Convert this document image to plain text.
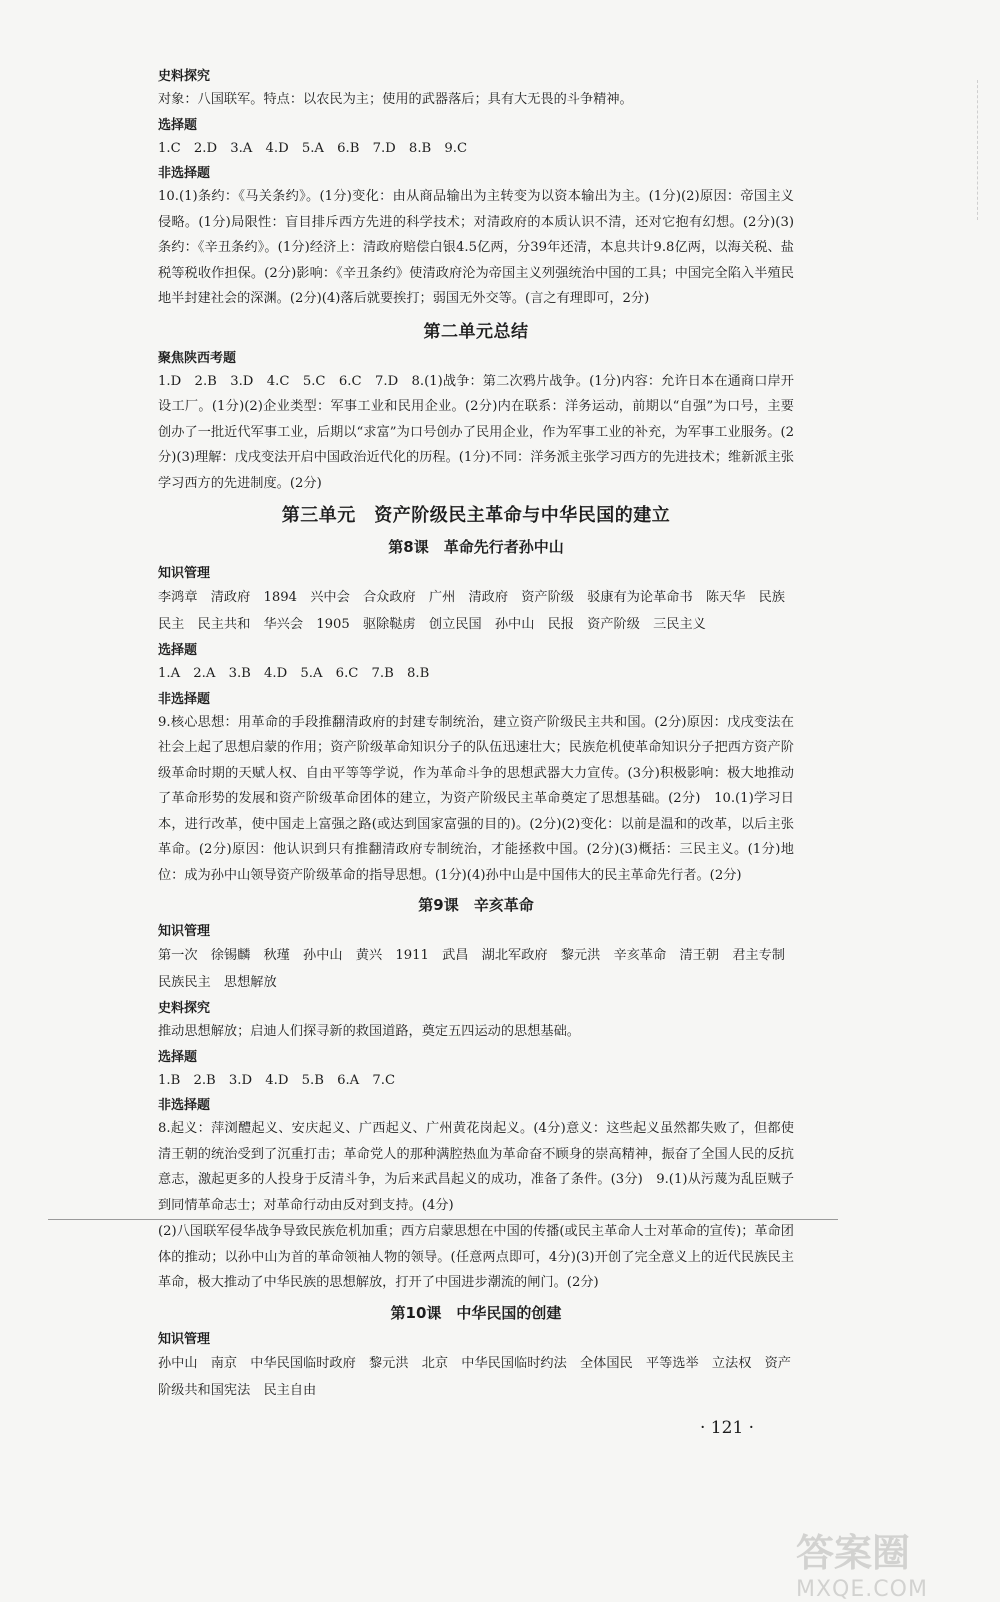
史料探究
对象：八国联军。特点：以农民为主；使用的武器落后；具有大无畏的斗争精神。
选择题
1.C　2.D　3.A　4.D　5.A　6.B　7.D　8.B　9.C
非选择题
10.(1)条约：《马关条约》。(1分)变化：由从商品输出为主转变为以资本输出为主。(1分)(2)原因：帝国主义侵略。(1分)局限性：盲目排斥西方先进的科学技术；对清政府的本质认识不清，还对它抱有幻想。(2分)(3)条约：《辛丑条约》。(1分)经济上：清政府赔偿白银4.5亿两，分39年还清，本息共计9.8亿两，以海关税、盐税等税收作担保。(2分)影响：《辛丑条约》使清政府沦为帝国主义列强统治中国的工具；中国完全陷入半殖民地半封建社会的深渊。(2分)(4)落后就要挨打；弱国无外交等。(言之有理即可，2分)
第二单元总结
聚焦陕西考题
1.D　2.B　3.D　4.C　5.C　6.C　7.D　8.(1)战争：第二次鸦片战争。(1分)内容：允许日本在通商口岸开设工厂。(1分)(2)企业类型：军事工业和民用企业。(2分)内在联系：洋务运动，前期以“自强”为口号，主要创办了一批近代军事工业，后期以“求富”为口号创办了民用企业，作为军事工业的补充，为军事工业服务。(2分)(3)理解：戊戌变法开启中国政治近代化的历程。(1分)不同：洋务派主张学习西方的先进技术；维新派主张学习西方的先进制度。(2分)
第三单元　资产阶级民主革命与中华民国的建立
第8课　革命先行者孙中山
知识管理
李鸿章　清政府　1894　兴中会　合众政府　广州　清政府　资产阶级　驳康有为论革命书　陈天华　民族民主　民主共和　华兴会　1905　驱除鞑虏　创立民国　孙中山　民报　资产阶级　三民主义
选择题
1.A　2.A　3.B　4.D　5.A　6.C　7.B　8.B
非选择题
9.核心思想：用革命的手段推翻清政府的封建专制统治，建立资产阶级民主共和国。(2分)原因：戊戌变法在社会上起了思想启蒙的作用；资产阶级革命知识分子的队伍迅速壮大；民族危机使革命知识分子把西方资产阶级革命时期的天赋人权、自由平等等学说，作为革命斗争的思想武器大力宣传。(3分)积极影响：极大地推动了革命形势的发展和资产阶级革命团体的建立，为资产阶级民主革命奠定了思想基础。(2分)　10.(1)学习日本，进行改革，使中国走上富强之路(或达到国家富强的目的)。(2分)(2)变化：以前是温和的改革，以后主张革命。(2分)原因：他认识到只有推翻清政府专制统治，才能拯救中国。(2分)(3)概括：三民主义。(1分)地位：成为孙中山领导资产阶级革命的指导思想。(1分)(4)孙中山是中国伟大的民主革命先行者。(2分)
第9课　辛亥革命
知识管理
第一次　徐锡麟　秋瑾　孙中山　黄兴　1911　武昌　湖北军政府　黎元洪　辛亥革命　清王朝　君主专制　民族民主　思想解放
史料探究
推动思想解放；启迪人们探寻新的救国道路，奠定五四运动的思想基础。
选择题
1.B　2.B　3.D　4.D　5.B　6.A　7.C
非选择题
8.起义：萍浏醴起义、安庆起义、广西起义、广州黄花岗起义。(4分)意义：这些起义虽然都失败了，但都使清王朝的统治受到了沉重打击；革命党人的那种满腔热血为革命奋不顾身的崇高精神，振奋了全国人民的反抗意志，激起更多的人投身于反清斗争，为后来武昌起义的成功，准备了条件。(3分)　9.(1)从污蔑为乱臣贼子到同情革命志士；对革命行动由反对到支持。(4分)
(2)八国联军侵华战争导致民族危机加重；西方启蒙思想在中国的传播(或民主革命人士对革命的宣传)；革命团体的推动；以孙中山为首的革命领袖人物的领导。(任意两点即可，4分)(3)开创了完全意义上的近代民族民主革命，极大推动了中华民族的思想解放，打开了中国进步潮流的闸门。(2分)
第10课　中华民国的创建
知识管理
孙中山　南京　中华民国临时政府　黎元洪　北京　中华民国临时约法　全体国民　平等选举　立法权　资产阶级共和国宪法　民主自由
· 121 ·
答案圈
MXQE.COM
